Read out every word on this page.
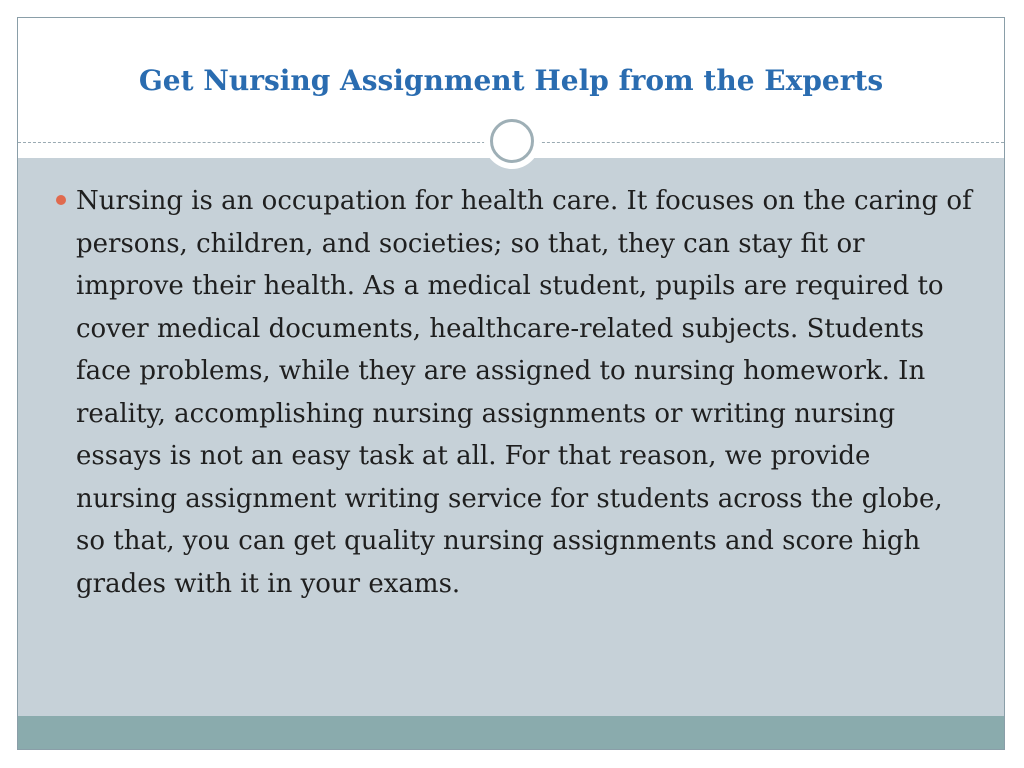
Get Nursing Assignment Help from the Experts

Nursing is an occupation for health care. It focuses on the caring of persons, children, and societies; so that, they can stay fit or improve their health. As a medical student, pupils are required to cover medical documents, healthcare-related subjects. Students face problems, while they are assigned to nursing homework. In reality, accomplishing nursing assignments or writing nursing essays is not an easy task at all. For that reason, we provide nursing assignment writing service for students across the globe, so that, you can get quality nursing assignments and score high grades with it in your exams.
